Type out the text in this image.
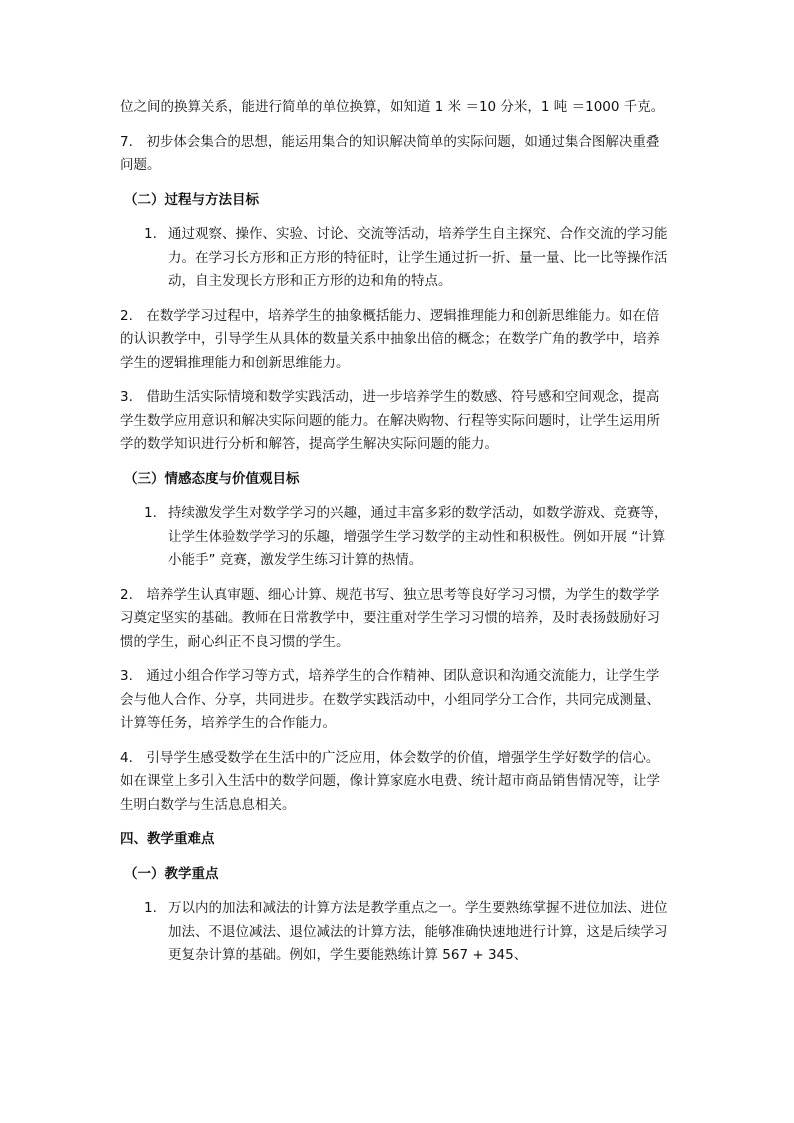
位之间的换算关系，能进行简单的单位换算，如知道 1 米 ＝10 分米，1 吨 ＝1000 千克。

7.　初步体会集合的思想，能运用集合的知识解决简单的实际问题，如通过集合图解决重叠问题。

（二）过程与方法目标

1. 通过观察、操作、实验、讨论、交流等活动，培养学生自主探究、合作交流的学习能力。在学习长方形和正方形的特征时，让学生通过折一折、量一量、比一比等操作活动，自主发现长方形和正方形的边和角的特点。

2.　在数学学习过程中，培养学生的抽象概括能力、逻辑推理能力和创新思维能力。如在倍的认识教学中，引导学生从具体的数量关系中抽象出倍的概念；在数学广角的教学中，培养学生的逻辑推理能力和创新思维能力。

3.　借助生活实际情境和数学实践活动，进一步培养学生的数感、符号感和空间观念，提高学生数学应用意识和解决实际问题的能力。在解决购物、行程等实际问题时，让学生运用所学的数学知识进行分析和解答，提高学生解决实际问题的能力。

（三）情感态度与价值观目标

1. 持续激发学生对数学学习的兴趣，通过丰富多彩的数学活动，如数学游戏、竞赛等，让学生体验数学学习的乐趣，增强学生学习数学的主动性和积极性。例如开展 “计算小能手” 竞赛，激发学生练习计算的热情。

2.　培养学生认真审题、细心计算、规范书写、独立思考等良好学习习惯，为学生的数学学习奠定坚实的基础。教师在日常教学中，要注重对学生学习习惯的培养，及时表扬鼓励好习惯的学生，耐心纠正不良习惯的学生。

3.　通过小组合作学习等方式，培养学生的合作精神、团队意识和沟通交流能力，让学生学会与他人合作、分享，共同进步。在数学实践活动中，小组同学分工合作，共同完成测量、计算等任务，培养学生的合作能力。

4.　引导学生感受数学在生活中的广泛应用，体会数学的价值，增强学生学好数学的信心。如在课堂上多引入生活中的数学问题，像计算家庭水电费、统计超市商品销售情况等，让学生明白数学与生活息息相关。

四、教学重难点

（一）教学重点

1. 万以内的加法和减法的计算方法是教学重点之一。学生要熟练掌握不进位加法、进位加法、不退位减法、退位减法的计算方法，能够准确快速地进行计算，这是后续学习更复杂计算的基础。例如，学生要能熟练计算 567 + 345、
